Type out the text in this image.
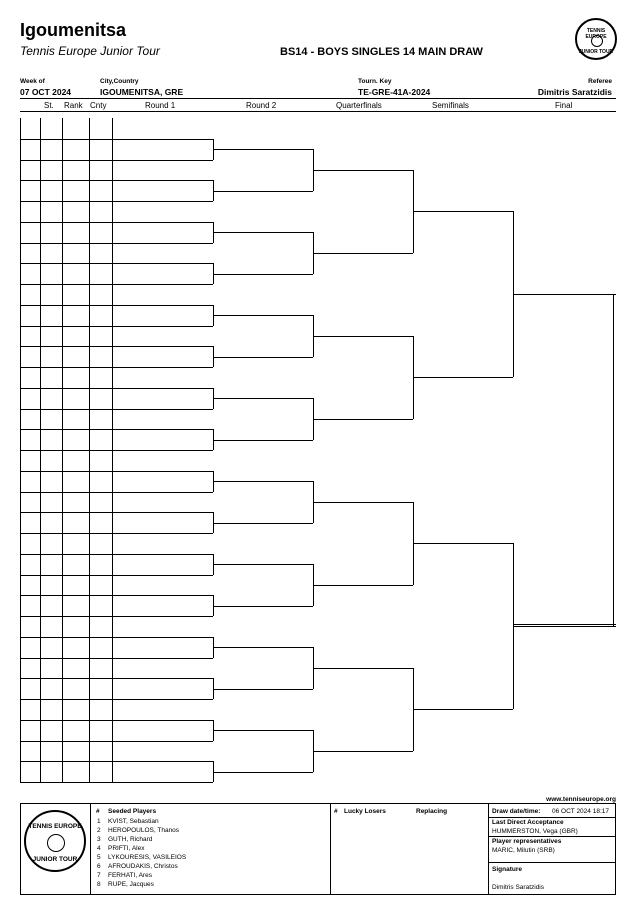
Igoumenitsa
Tennis Europe Junior Tour	BS14 - BOYS SINGLES 14 MAIN DRAW
TENNIS EUROPE
JUNIOR TOUR
Week of
07 OCT 2024
City,Country
IGOUMENITSA, GRE
Tourn. Key
TE-GRE-41A-2024
Referee
Dimitris Saratzidis
St. Rank Cnty	Round 1	Round 2	Quarterfinals	Semifinals	Final
www.tenniseurope.org
TENNIS EUROPE
JUNIOR TOUR
# Seeded Players
1 KVIST, Sebastian
2 HEROPOULOS, Thanos
3 GUTH, Richard
4 PRIFTI, Alex
5 LYKOURESIS, VASILEIOS
6 AFROUDAKIS, Christos
7 FERHATI, Ares
8 RUPE, Jacques
# Lucky Losers	Replacing	Draw date/time: 06 OCT 2024 18:17
Last Direct Acceptance
HUMMERSTON, Vega (GBR)
Player representatives
MARIC, Milutin (SRB)
Signature
Dimitris Saratzidis
